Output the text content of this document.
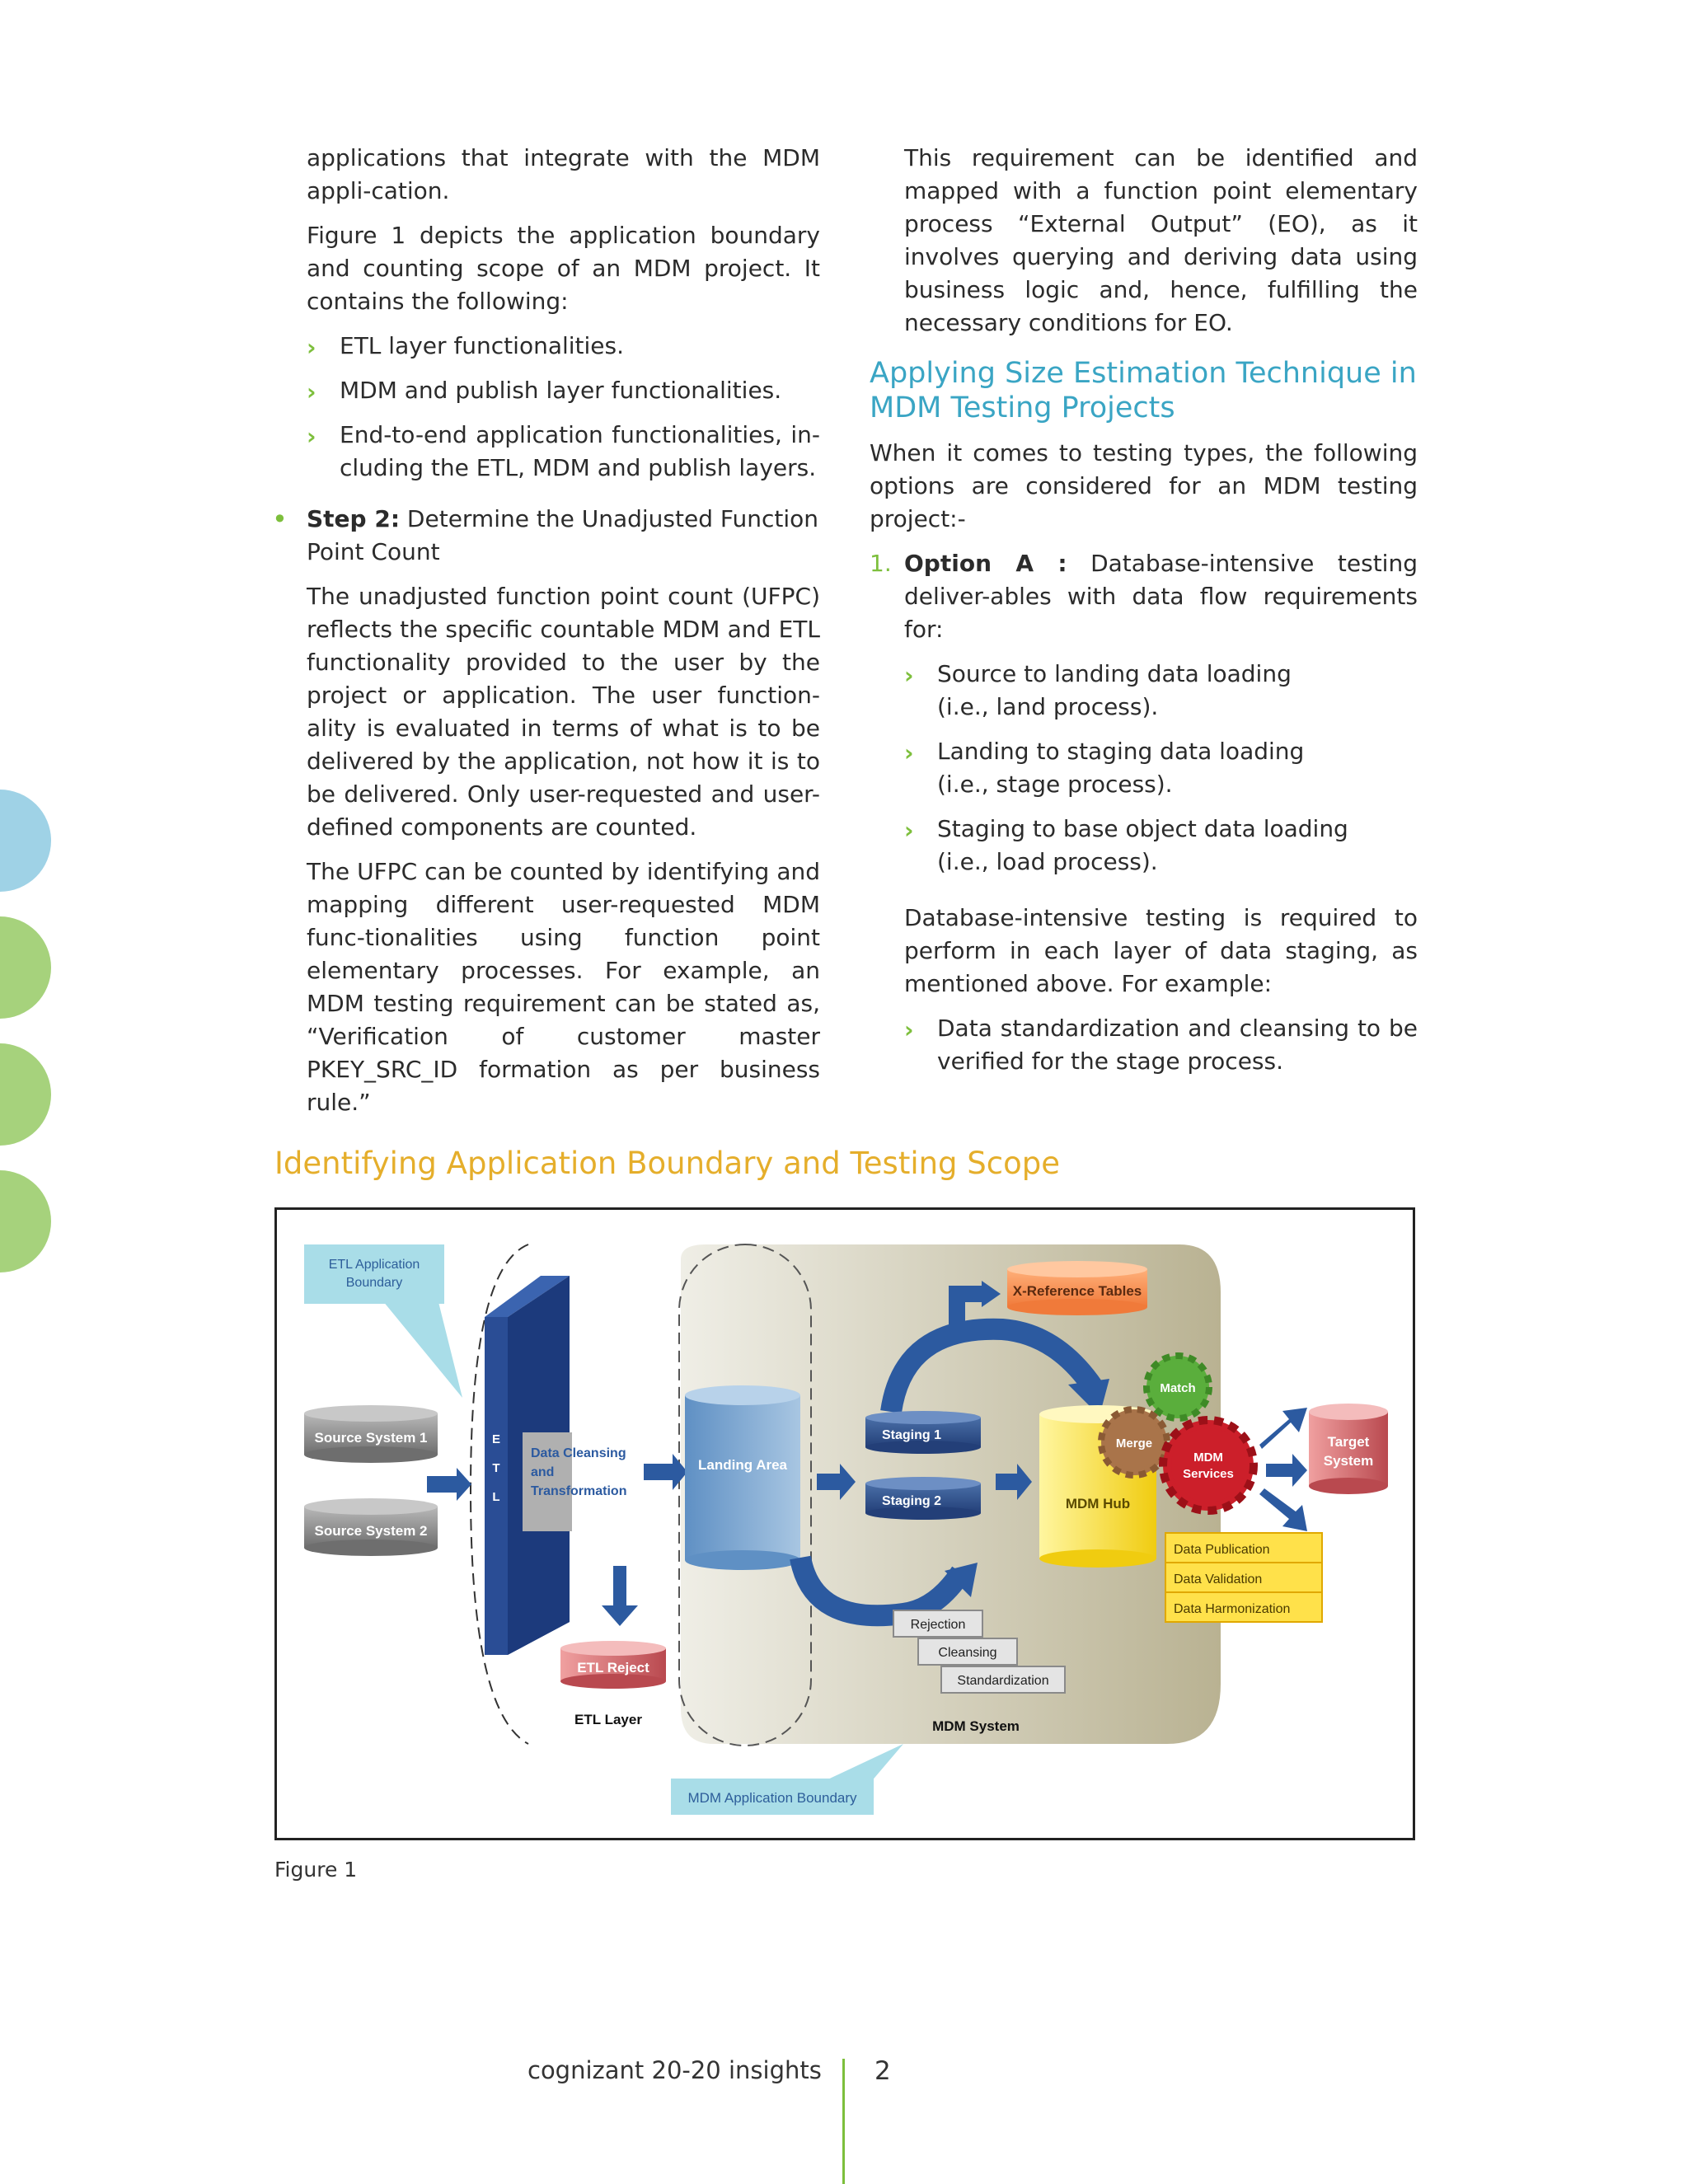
applications that integrate with the MDM appli-cation.

Figure 1 depicts the application boundary and counting scope of an MDM project. It contains the following:

› ETL layer functionalities.
› MDM and publish layer functionalities.
› End-to-end application functionalities, in-cluding the ETL, MDM and publish layers.
• Step 2: Determine the Unadjusted Function Point Count

The unadjusted function point count (UFPC) reflects the specific countable MDM and ETL functionality provided to the user by the project or application. The user function-ality is evaluated in terms of what is to be delivered by the application, not how it is to be delivered. Only user-requested and user-defined components are counted.

The UFPC can be counted by identifying and mapping different user-requested MDM func-tionalities using function point elementary processes. For example, an MDM testing requirement can be stated as, “Verification of customer master PKEY_SRC_ID formation as per business rule.”

This requirement can be identified and mapped with a function point elementary process “External Output” (EO), as it involves querying and deriving data using business logic and, hence, fulfilling the necessary conditions for EO.

Applying Size Estimation Technique in MDM Testing Projects

When it comes to testing types, the following options are considered for an MDM testing project:-

1. Option A : Database-intensive testing deliver-ables with data flow requirements for:
› Source to landing data loading
(i.e., land process).
› Landing to staging data loading
(i.e., stage process).
› Staging to base object data loading
(i.e., load process).

Database-intensive testing is required to perform in each layer of data staging, as mentioned above. For example:

› Data standardization and cleansing to be verified for the stage process.
Identifying Application Boundary and Testing Scope
ETL Application
Boundary
Source System 1
Source System 2
E
T
L
Data Cleansing
and
Transformation
ETL Reject
ETL Layer
Landing Area
X-Reference Tables
Staging 1
Staging 2	MDM Hub
Match
Merge
MDM
Services
Target
System
Data Publication
Data Validation
Data Harmonization
Rejection
Cleansing
Standardization
MDM System
MDM Application Boundary
Figure 1
cognizant 20-20 insights 2
